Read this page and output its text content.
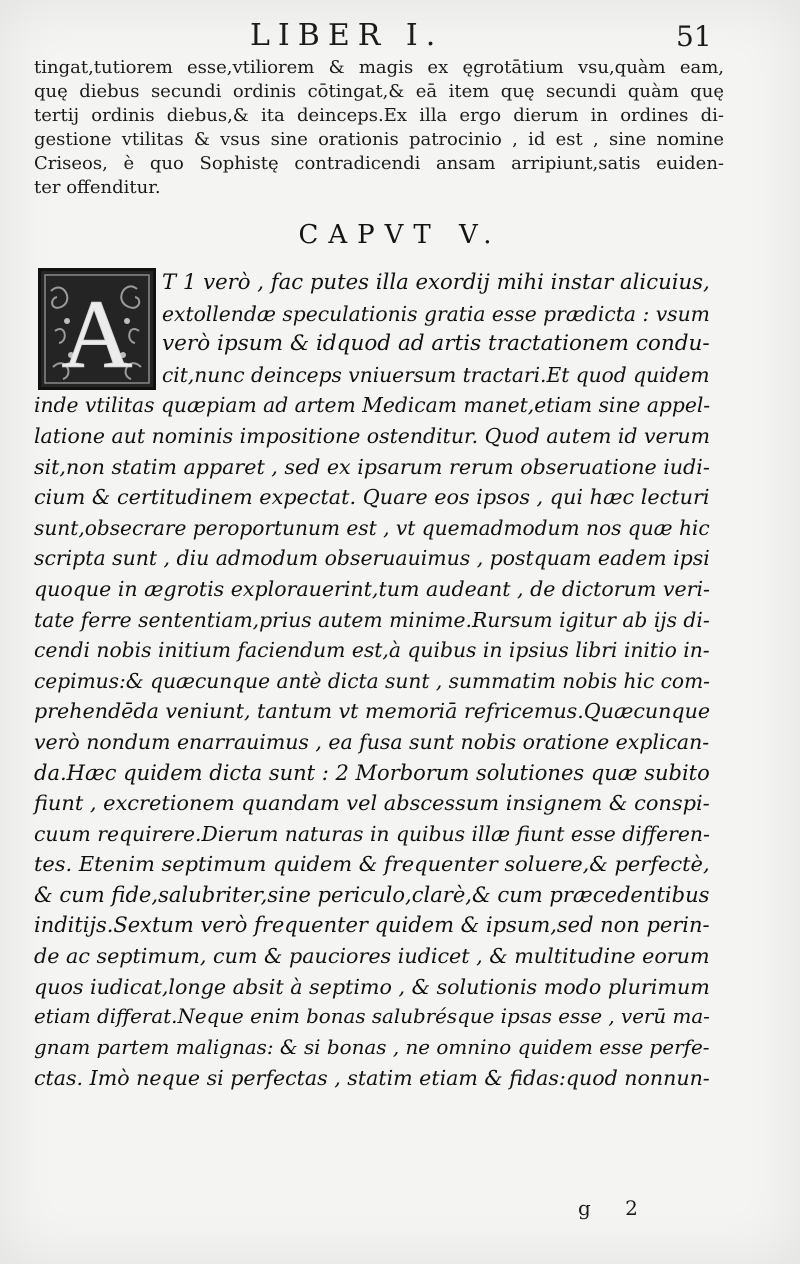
LIBER I.	51
tingat,tutiorem esse,vtiliorem & magis ex ęgrotātium vsu,quàm eam,
quę diebus secundi ordinis cōtingat,& eā item quę secundi quàm quę
tertij ordinis diebus,& ita deinceps.Ex illa ergo dierum in ordines di-
gestione vtilitas & vsus sine orationis patrocinio , id est , sine nomine
Criseos, è quo Sophistę contradicendi ansam arripiunt,satis euiden-
ter offenditur.
CAPVT V.
A	T 1 verò , fac putes illa exordij mihi instar alicuius,
extollendæ speculationis gratia esse prædicta : vsum
verò ipsum & idquod ad artis tractationem condu-
cit,nunc deinceps vniuersum tractari.Et quod quidem
inde vtilitas quæpiam ad artem Medicam manet,etiam sine appel-
latione aut nominis impositione ostenditur. Quod autem id verum
sit,non statim apparet , sed ex ipsarum rerum obseruatione iudi-
cium & certitudinem expectat. Quare eos ipsos , qui hæc lecturi
sunt,obsecrare peroportunum est , vt quemadmodum nos quæ hic
scripta sunt , diu admodum obseruauimus , postquam eadem ipsi
quoque in ægrotis explorauerint,tum audeant , de dictorum veri-
tate ferre sententiam,prius autem minime.Rursum igitur ab ijs di-
cendi nobis initium faciendum est,à quibus in ipsius libri initio in-
cepimus:& quæcunque antè dicta sunt , summatim nobis hic com-
prehendēda veniunt, tantum vt memoriā refricemus.Quæcunque
verò nondum enarrauimus , ea fusa sunt nobis oratione explican-
da.Hæc quidem dicta sunt : 2 Morborum solutiones quæ subito
fiunt , excretionem quandam vel abscessum insignem & conspi-
cuum requirere.Dierum naturas in quibus illæ fiunt esse differen-
tes. Etenim septimum quidem & frequenter soluere,& perfectè,
& cum fide,salubriter,sine periculo,clarè,& cum præcedentibus
inditijs.Sextum verò frequenter quidem & ipsum,sed non perin-
de ac septimum, cum & pauciores iudicet , & multitudine eorum
quos iudicat,longe absit à septimo , & solutionis modo plurimum
etiam differat.Neque enim bonas salubrésque ipsas esse , verū ma-
gnam partem malignas: & si bonas , ne omnino quidem esse perfe-
ctas. Imò neque si perfectas , statim etiam & fidas:quod nonnun-
g 2
